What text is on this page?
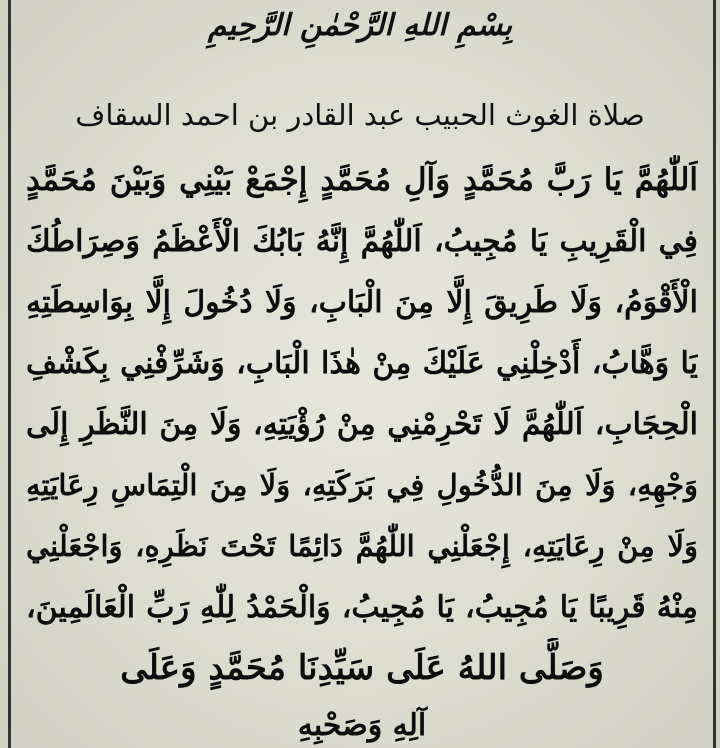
بِسْمِ اللهِ الرَّحْمٰنِ الرَّحِيمِ
صلاة الغوث الحبيب عبد القادر بن احمد السقاف
اَللّٰهُمَّ يَا رَبَّ مُحَمَّدٍ وَآلِ مُحَمَّدٍ إِجْمَعْ بَيْنِي وَبَيْنَ مُحَمَّدٍ
فِي الْقَرِيبِ يَا مُجِيبُ، اَللّٰهُمَّ إِنَّهُ بَابُكَ الْأَعْظَمُ وَصِرَاطُكَ
الْأَقْوَمُ، وَلَا طَرِيقَ إِلَّا مِنَ الْبَابِ، وَلَا دُخُولَ إِلَّا بِوَاسِطَتِهِ
يَا وَهَّابُ، أَدْخِلْنِي عَلَيْكَ مِنْ هٰذَا الْبَابِ، وَشَرِّفْنِي بِكَشْفِ
الْحِجَابِ، اَللّٰهُمَّ لَا تَحْرِمْنِي مِنْ رُؤْيَتِهِ، وَلَا مِنَ النَّظَرِ إِلَى
وَجْهِهِ، وَلَا مِنَ الدُّخُولِ فِي بَرَكَتِهِ، وَلَا مِنَ الْتِمَاسِ رِعَايَتِهِ
وَلَا مِنْ رِعَايَتِهِ، إِجْعَلْنِي اللّٰهُمَّ دَائِمًا تَحْتَ نَظَرِهِ، وَاجْعَلْنِي
مِنْهُ قَرِيبًا يَا مُجِيبُ، يَا مُجِيبُ، وَالْحَمْدُ لِلّٰهِ رَبِّ الْعَالَمِينَ،
وَصَلَّى اللهُ عَلَى سَيِّدِنَا مُحَمَّدٍ وَعَلَى
آلِهِ وَصَحْبِهِ
